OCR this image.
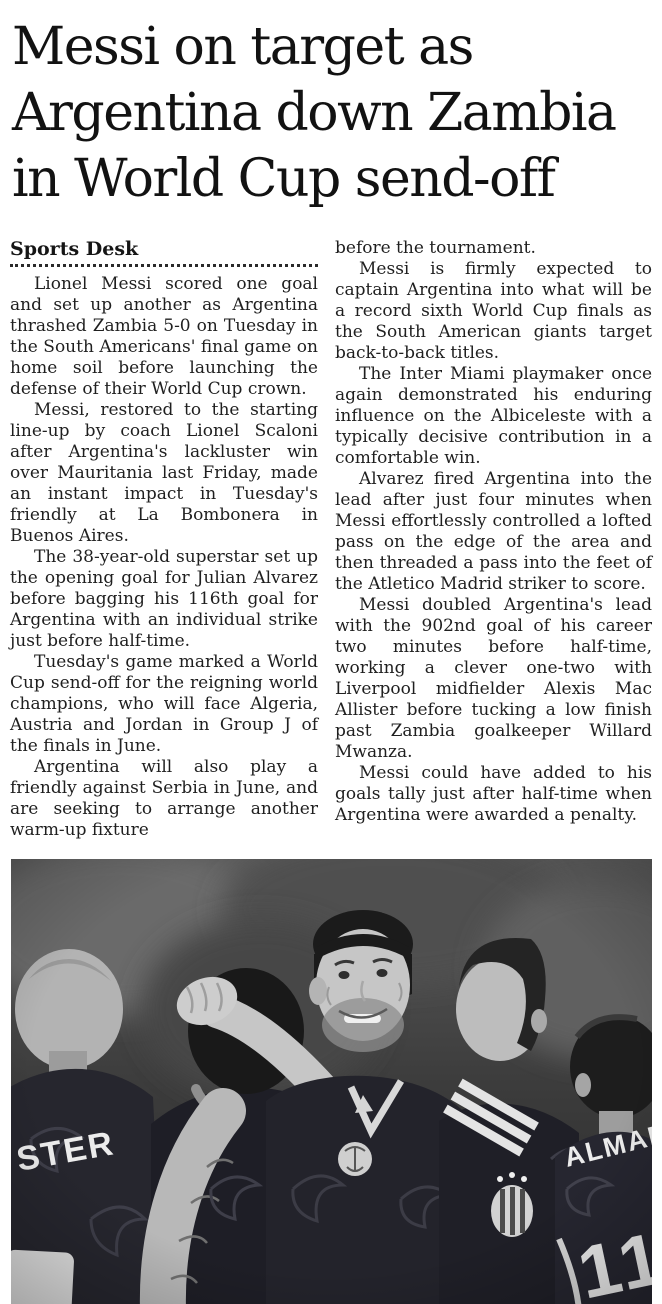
Messi on target as
Argentina down Zambia
in World Cup send-off
Sports Desk

Lionel Messi scored one goal and set up another as Argentina thrashed Zambia 5-0 on Tuesday in the South Americans' final game on home soil before launching the defense of their World Cup crown.

Messi, restored to the starting line-up by coach Lionel Scaloni after Argentina's lackluster win over Mauritania last Friday, made an instant impact in Tuesday's friendly at La Bombonera in Buenos Aires.

The 38-year-old superstar set up the opening goal for Julian Alvarez before bagging his 116th goal for Argentina with an individual strike just before half-time.

Tuesday's game marked a World Cup send-off for the reigning world champions, who will face Algeria, Austria and Jordan in Group J of the finals in June.

Argentina will also play a friendly against Serbia in June, and are seeking to arrange another warm-up fixture

before the tournament.

Messi is firmly expected to captain Argentina into what will be a record sixth World Cup finals as the South American giants target back-to-back titles.

The Inter Miami playmaker once again demonstrated his enduring influence on the Albiceleste with a typically decisive contribution in a comfortable win.

Alvarez fired Argentina into the lead after just four minutes when Messi effortlessly controlled a lofted pass on the edge of the area and then threaded a pass into the feet of the Atletico Madrid striker to score.

Messi doubled Argentina's lead with the 902nd goal of his career two minutes before half-time, working a clever one-two with Liverpool midfielder Alexis Mac Allister before tucking a low finish past Zambia goalkeeper Willard Mwanza.

Messi could have added to his goals tally just after half-time when Argentina were awarded a penalty.
